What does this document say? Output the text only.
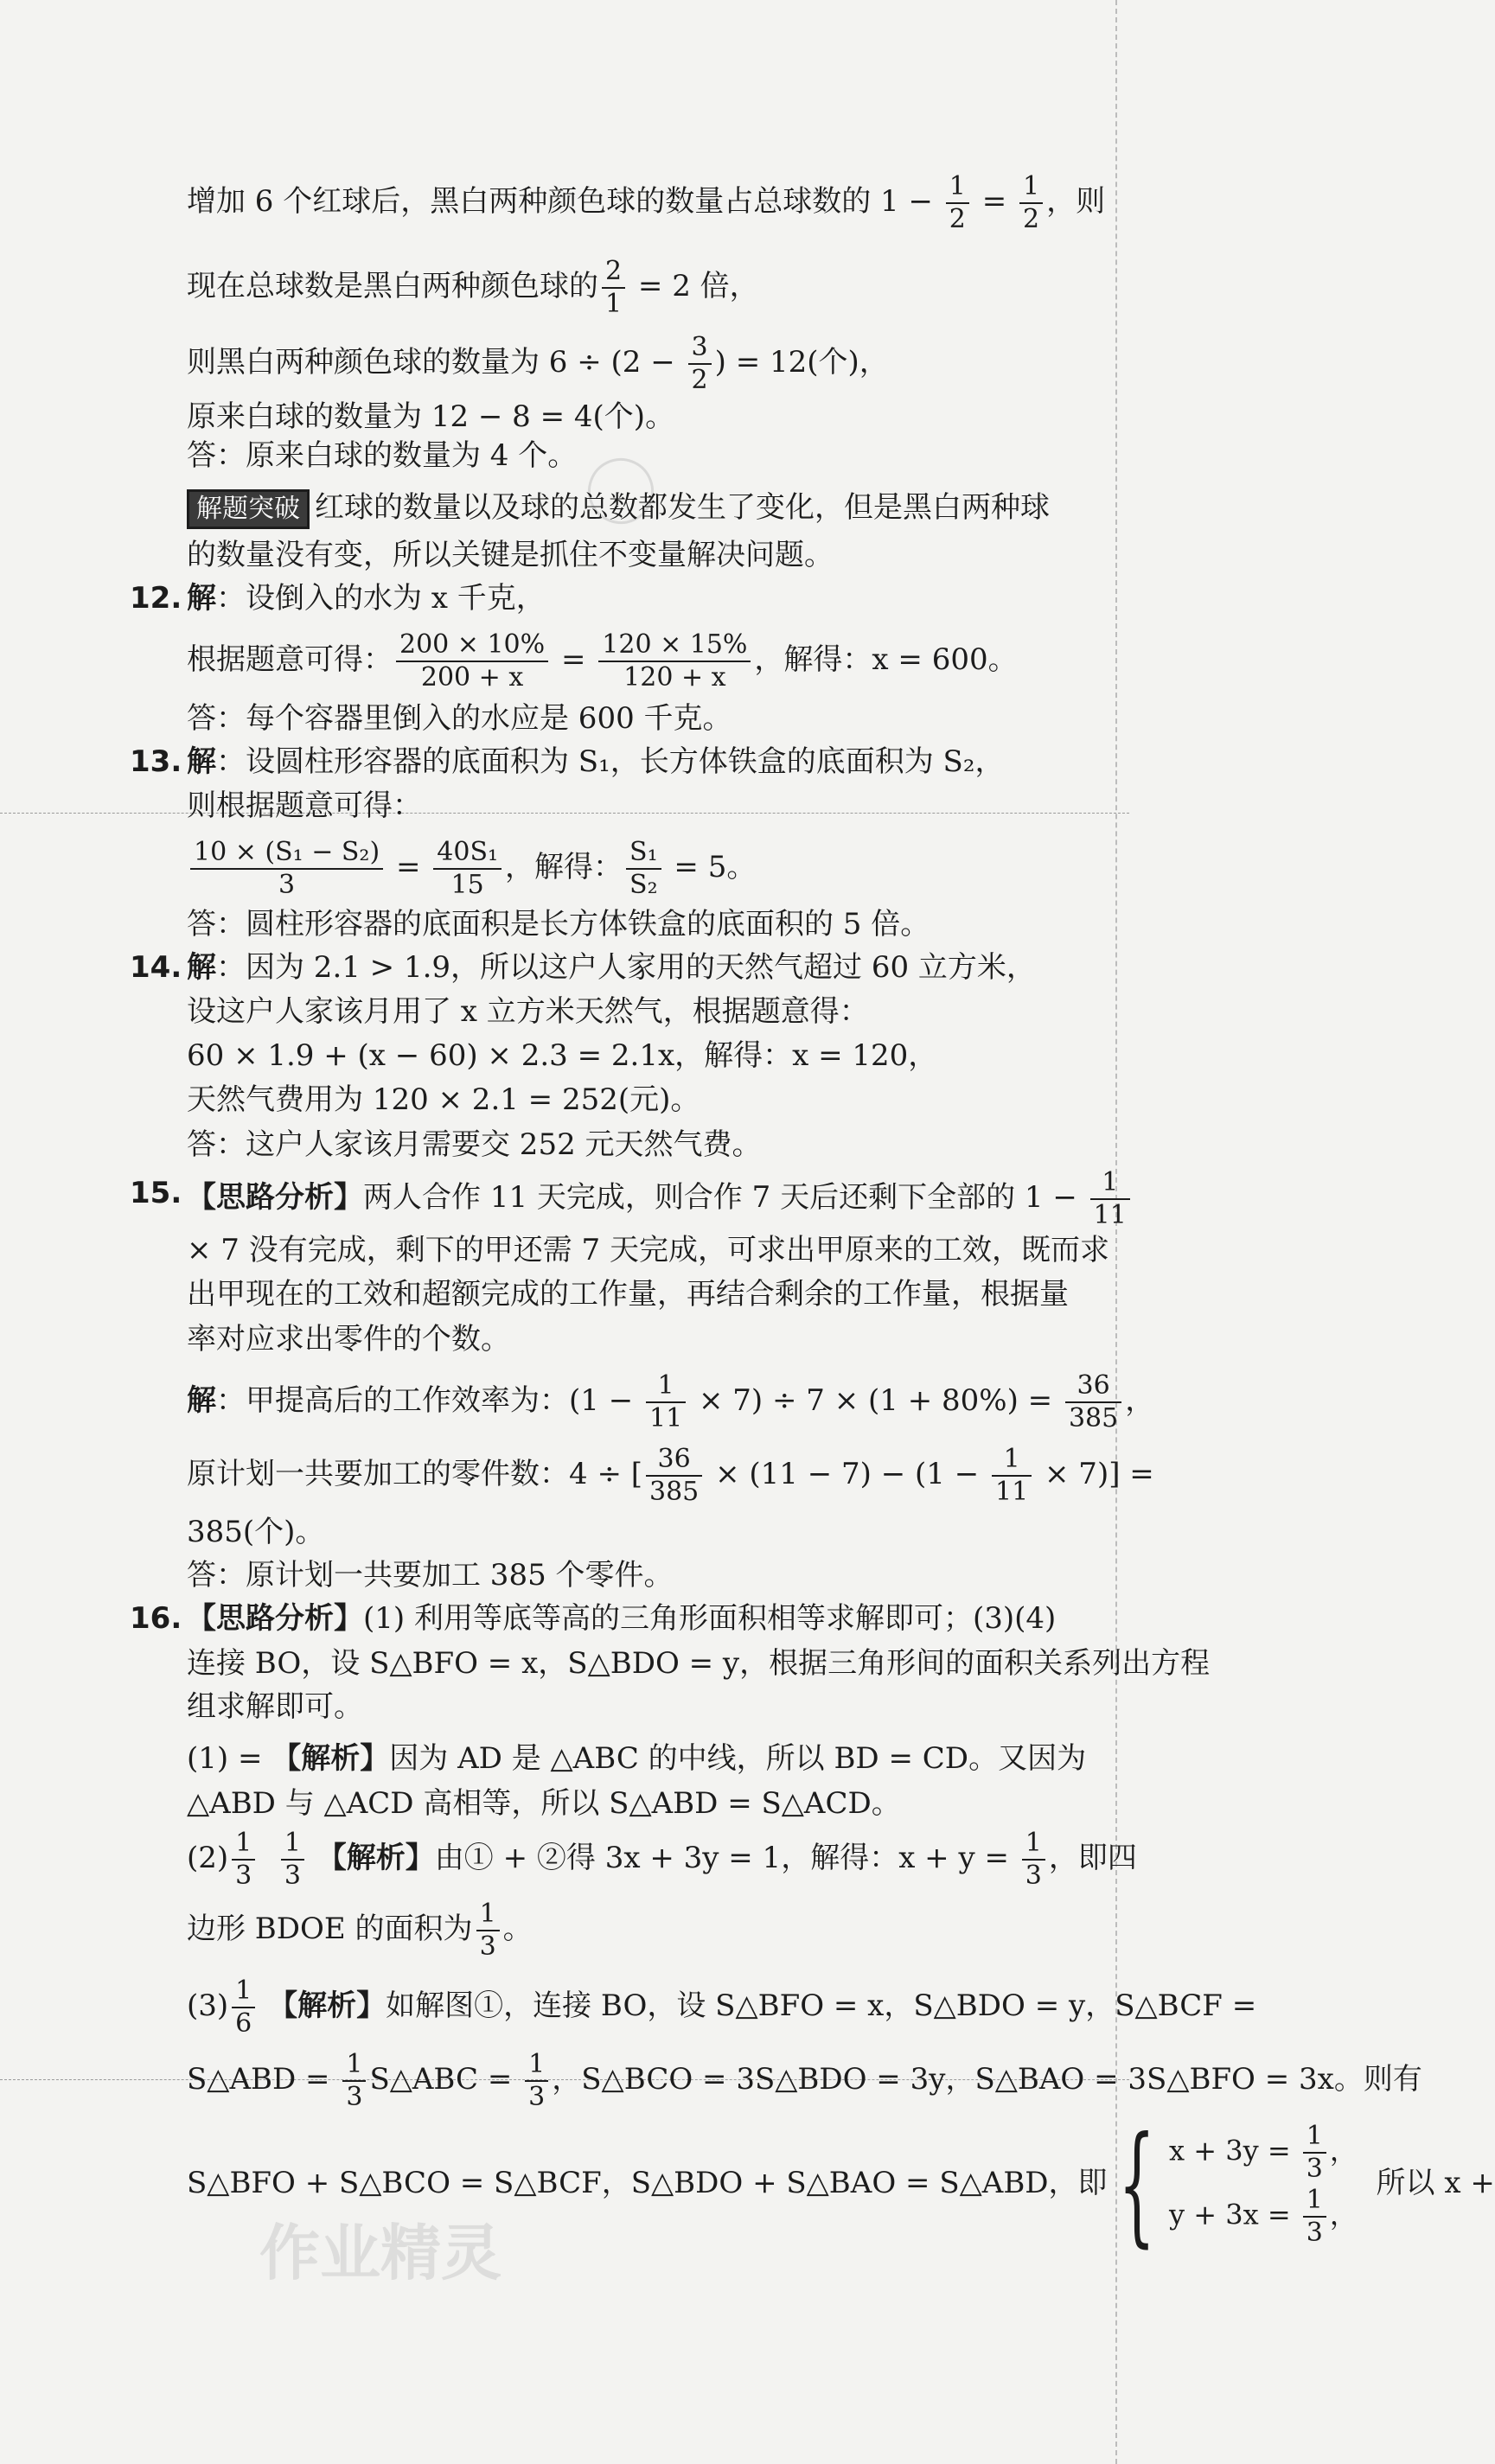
增加 6 个红球后，黑白两种颜色球的数量占总球数的 $1 - \frac{1}{2} = \frac{1}{2}$ ，则
现在总球数是黑白两种颜色球的 $\frac{2}{1} = 2$ 倍，
则黑白两种颜色球的数量为 $6 \div (2 - \frac{3}{2}$ ) = 12(个)，
原来白球的数量为 12 − 8 = 4(个)。
答：原来白球的数量为 4 个。
解题突破 红球的数量以及球的总数都发生了变化，但是黑白两种球
的数量没有变，所以关键是抓住不变量解决问题。
12. 解：设倒入的水为 x 千克，
根据题意可得： $\frac{200 \times 10\%}{200 + x} = \frac{120 \times 15\%}{120 + x}$ ，解得：x = 600。
答：每个容器里倒入的水应是 600 千克。
13. 解：设圆柱形容器的底面积为 S₁，长方体铁盒的底面积为 S₂，
则根据题意可得：
$\frac{\text{10 × (S₁ − S₂)}}{3} = \frac{\text{40S₁}}{15}$ ，解得： $\frac{\text{S₁}}{\text{S₂}} = 5$。
答：圆柱形容器的底面积是长方体铁盒的底面积的 5 倍。
14. 解：因为 2.1 > 1.9，所以这户人家用的天然气超过 60 立方米，
设这户人家该月用了 x 立方米天然气，根据题意得：
60 × 1.9 + (x − 60) × 2.3 = 2.1x，解得：x = 120，
天然气费用为 120 × 2.1 = 252(元)。
答：这户人家该月需要交 252 元天然气费。
15. 【思路分析】两人合作 11 天完成，则合作 7 天后还剩下全部的 $1 - \frac{1}{11}$
× 7 没有完成，剩下的甲还需 7 天完成，可求出甲原来的工效，既而求
出甲现在的工效和超额完成的工作量，再结合剩余的工作量，根据量
率对应求出零件的个数。
解：甲提高后的工作效率为：$(1 - \frac{1}{11} \times 7) \div 7 \times (1 + 80\%) = \frac{36}{385}$ ，
原计划一共要加工的零件数：4 ÷ [ $\frac{36}{385} \times (11 - 7) - (1 - \frac{1}{11} \times 7)$] =
385(个)。
答：原计划一共要加工 385 个零件。
16. 【思路分析】(1) 利用等底等高的三角形面积相等求解即可；(3)(4)
连接 BO，设 S△BFO = x，S△BDO = y，根据三角形间的面积关系列出方程
组求解即可。
(1) = 【解析】因为 AD 是 △ABC 的中线，所以 BD = CD。又因为
△ABD 与 △ACD 高相等，所以 S△ABD = S△ACD。
$(2) \frac{1}{3}$
$\frac{1}{3}$ 【解析】由① + ②得 3x + 3y = 1，解得：$x + y = \frac{1}{3}$ ，即四
边形 BDOE 的面积为 $\frac{1}{3}$ 。
$(3) \frac{1}{6}$ 【解析】如解图①，连接 BO，设 S△BFO = x，S△BDO = y，S△BCF =
S△ABD = $\frac{1}{3}$ S△ABC = $\frac{1}{3}$ ，S△BCO = 3S△BDO = 3y，S△BAO = 3S△BFO = 3x。则有
S△BFO + S△BCO = S△BCF，S△BDO + S△BAO = S△ABD，即{ $x + 3y = \frac{1}{3}$ ，
$y + 3x = \frac{1}{3}$ ，
所以 x +
作业精灵
